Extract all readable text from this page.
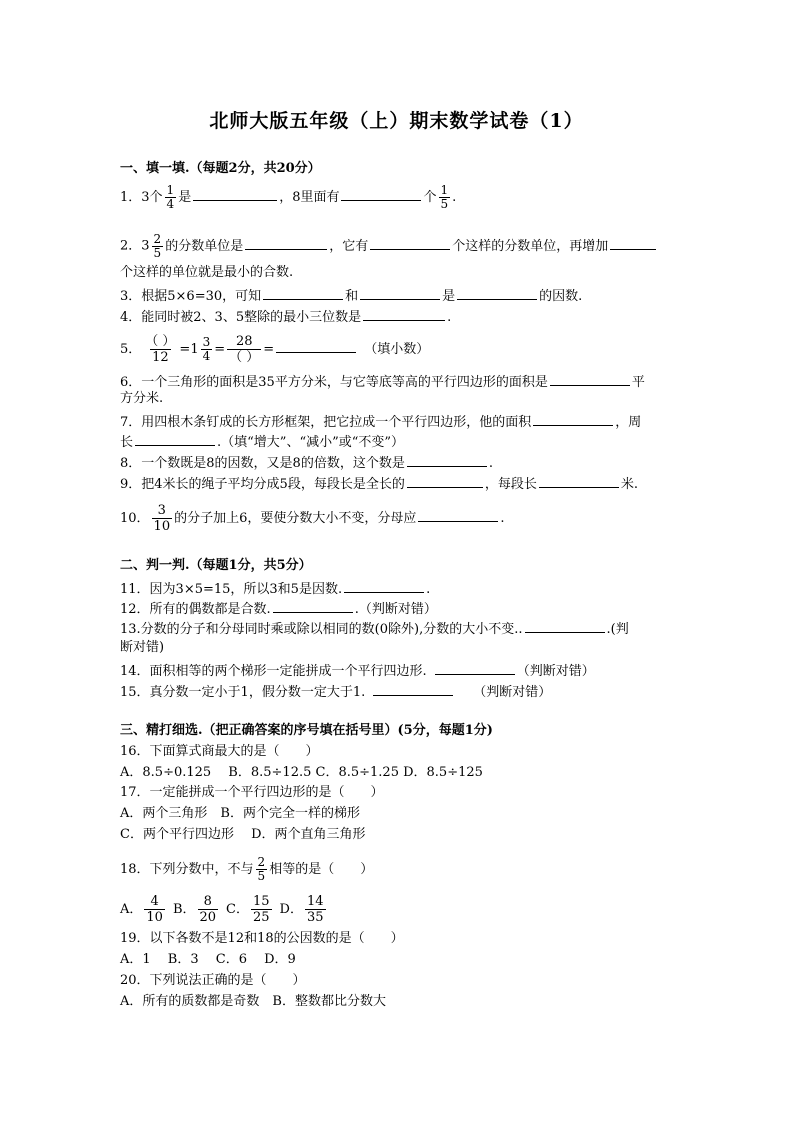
北师大版五年级（上）期末数学试卷（1）
一、填一填.（每题2分，共20分）
1．3个 $\frac{1}{4}$ 是	，8里面有	个 $\frac{1}{5}$ .
2．$3 \frac{2}{5}$ 的分数单位是	，它有	个这样的分数单位，再增加
个这样的单位就是最小的合数.
3．根据5×6=30，可知	和	是	的因数.
4．能同时被2、3、5整除的最小三位数是	.
5． $\frac{( )}{12} =1 \frac{3}{4} = \frac{28}{( )}$ =	（填小数）
6．一个三角形的面积是35平方分米，与它等底等高的平行四边形的面积是	平
方分米.
7．用四根木条钉成的长方形框架，把它拉成一个平行四边形，他的面积	，周
长	.（填“增大”、“减小”或“不变”）
8．一个数既是8的因数，又是8的倍数，这个数是	.
9．把4米长的绳子平均分成5段，每段长是全长的	，每段长	米.
10． $\frac{3}{10}$ 的分子加上6，要使分数大小不变，分母应	.
二、判一判.（每题1分，共5分）
11．因为3×5=15，所以3和5是因数.	.
12．所有的偶数都是合数.	.（判断对错）
13.分数的分子和分母同时乘或除以相同的数(0除外),分数的大小不变..	.(判
断对错)
14．面积相等的两个梯形一定能拼成一个平行四边形.	（判断对错）
15．真分数一定小于1，假分数一定大于1.	（判断对错）
三、精打细选.（把正确答案的序号填在括号里）(5分，每题1分)
16．下面算式商最大的是（　　）
A．8.5÷0.125　 B．8.5÷12.5 C．8.5÷1.25 D．8.5÷125
17．一定能拼成一个平行四边形的是（　　）
A．两个三角形　B．两个完全一样的梯形
C．两个平行四边形　 D．两个直角三角形
18．下列分数中，不与 $\frac{2}{5}$ 相等的是（　　）
A． $\frac{4}{10}$ B． $\frac{8}{20}$ C． $\frac{15}{25}$ D． $\frac{14}{35}$
19．以下各数不是12和18的公因数的是（　　）
A．1　 B．3　 C．6　 D．9
20．下列说法正确的是（　　）
A．所有的质数都是奇数　B．整数都比分数大
